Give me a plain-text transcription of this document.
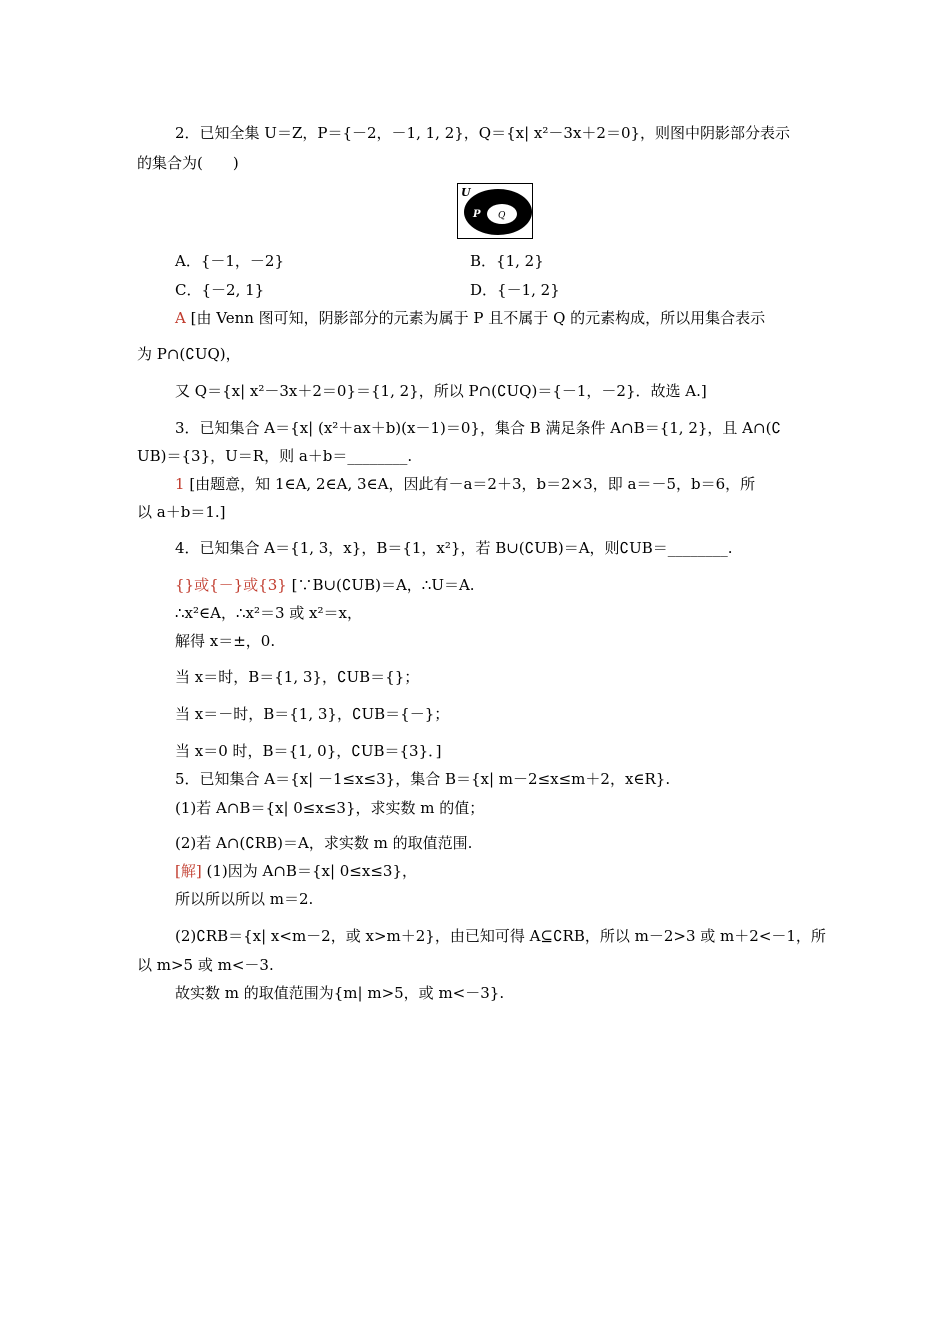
2．已知全集 U＝Z，P＝{－2，－1, 1, 2}，Q＝{x| x²－3x＋2＝0}，则图中阴影部分表示
的集合为(　　)
U
P Q
A．{－1，－2}	B．{1, 2}
C．{－2, 1}	D．{－1, 2}
A [由 Venn 图可知，阴影部分的元素为属于 P 且不属于 Q 的元素构成，所以用集合表示
为 P∩(∁UQ)，
又 Q＝{x| x²－3x＋2＝0}＝{1, 2}，所以 P∩(∁UQ)＝{－1，－2}．故选 A.]
3．已知集合 A＝{x| (x²＋ax＋b)(x－1)＝0}，集合 B 满足条件 A∩B＝{1, 2}，且 A∩(∁
UB)＝{3}，U＝R，则 a＋b＝________.
1 [由题意，知 1∈A, 2∈A, 3∈A，因此有－a＝2＋3，b＝2×3，即 a＝－5，b＝6，所
以 a＋b＝1.]
4．已知集合 A＝{1, 3，x}，B＝{1，x²}，若 B∪(∁UB)＝A，则∁UB＝________.
{}或{－}或{3} [∵B∪(∁UB)＝A，∴U＝A.
∴x²∈A，∴x²＝3 或 x²＝x，
解得 x＝±，0.
当 x＝时，B＝{1, 3}，∁UB＝{}；
当 x＝－时，B＝{1, 3}，∁UB＝{－}；
当 x＝0 时，B＝{1, 0}，∁UB＝{3}．]
5．已知集合 A＝{x| －1≤x≤3}，集合 B＝{x| m－2≤x≤m＋2，x∈R}.
(1)若 A∩B＝{x| 0≤x≤3}，求实数 m 的值；
(2)若 A∩(∁RB)＝A，求实数 m 的取值范围.
[解] (1)因为 A∩B＝{x| 0≤x≤3}，
所以所以所以 m＝2.
(2)∁RB＝{x| x<m－2，或 x>m＋2}，由已知可得 A⊆∁RB，所以 m－2>3 或 m＋2<－1，所
以 m>5 或 m<－3.
故实数 m 的取值范围为{m| m>5，或 m<－3}.
